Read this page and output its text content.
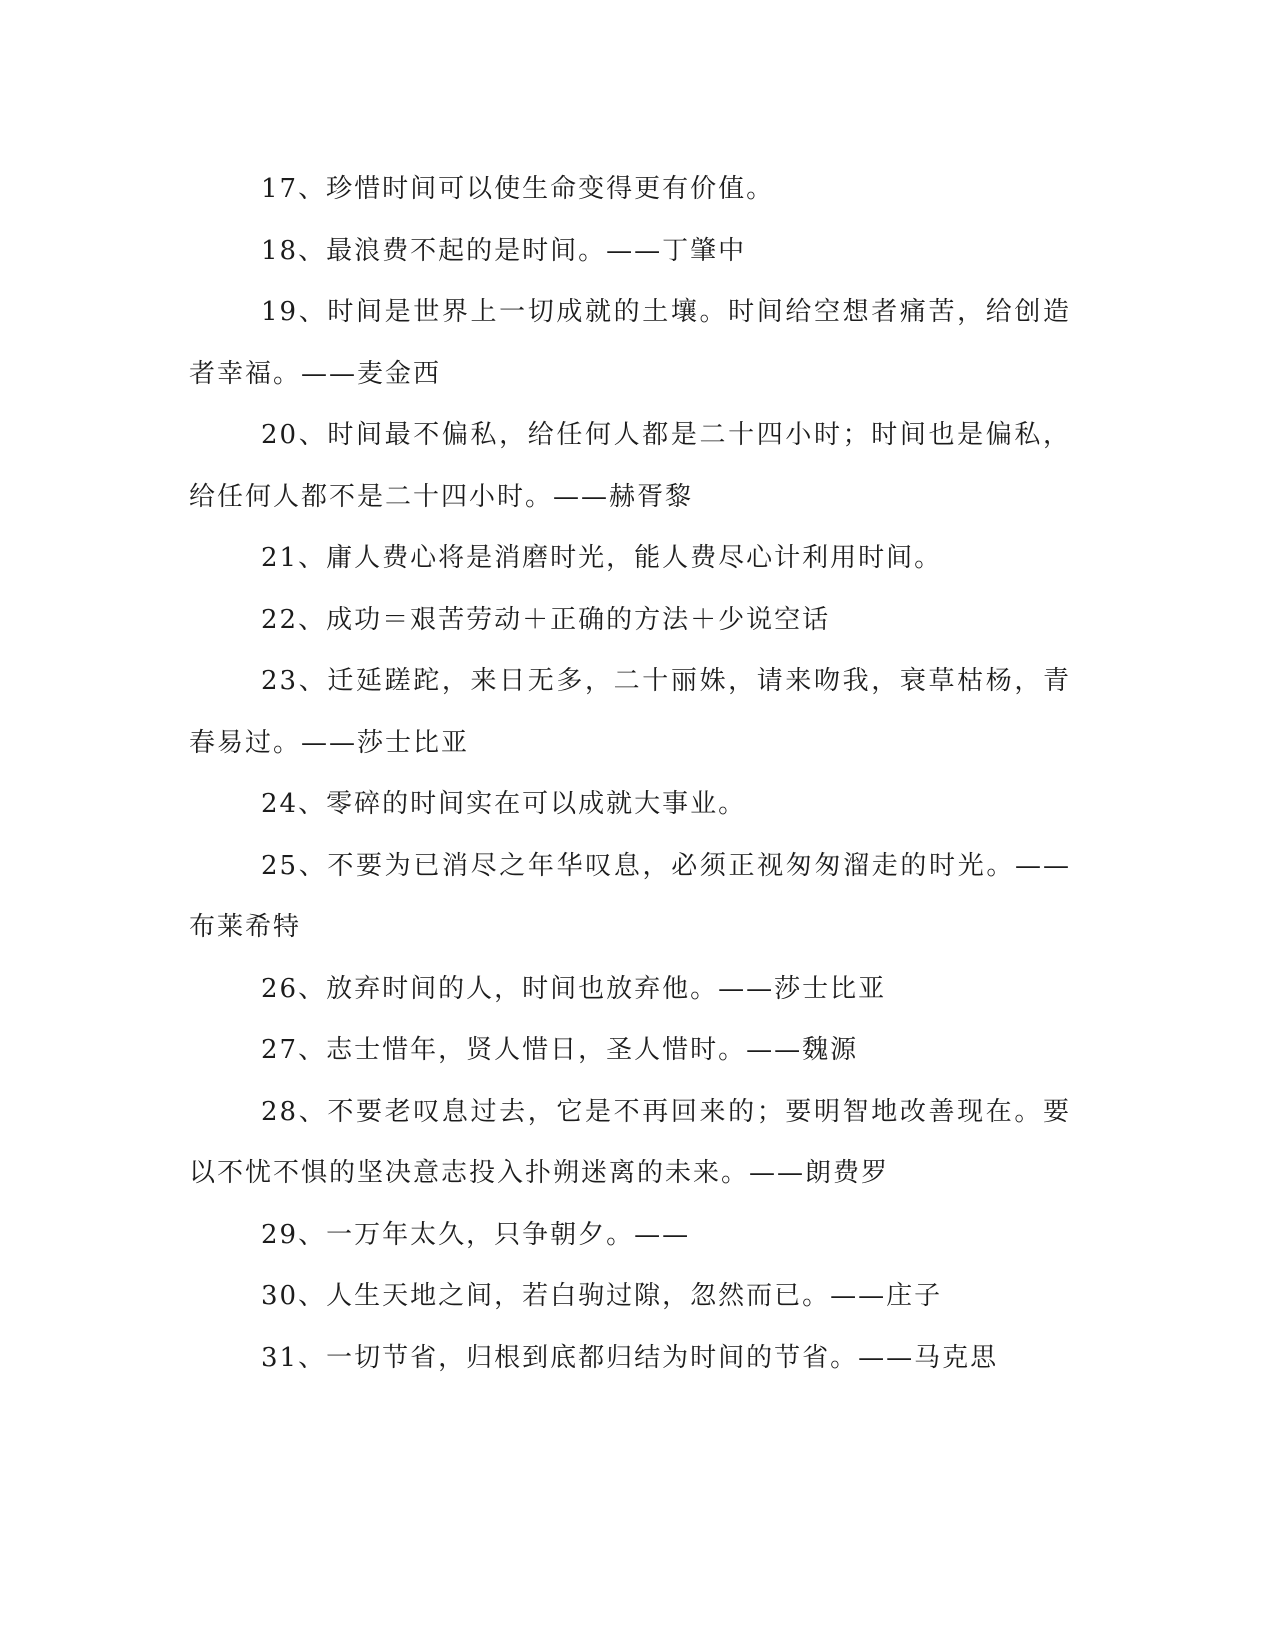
17、珍惜时间可以使生命变得更有价值。

18、最浪费不起的是时间。——丁肇中

19、时间是世界上一切成就的土壤。时间给空想者痛苦，给创造者幸福。——麦金西

20、时间最不偏私，给任何人都是二十四小时；时间也是偏私，给任何人都不是二十四小时。——赫胥黎

21、庸人费心将是消磨时光，能人费尽心计利用时间。

22、成功＝艰苦劳动＋正确的方法＋少说空话

23、迁延蹉跎，来日无多，二十丽姝，请来吻我，衰草枯杨，青春易过。——莎士比亚

24、零碎的时间实在可以成就大事业。

25、不要为已消尽之年华叹息，必须正视匆匆溜走的时光。——布莱希特

26、放弃时间的人，时间也放弃他。——莎士比亚

27、志士惜年，贤人惜日，圣人惜时。——魏源

28、不要老叹息过去，它是不再回来的；要明智地改善现在。要以不忧不惧的坚决意志投入扑朔迷离的未来。——朗费罗

29、一万年太久，只争朝夕。——

30、人生天地之间，若白驹过隙，忽然而已。——庄子

31、一切节省，归根到底都归结为时间的节省。——马克思
